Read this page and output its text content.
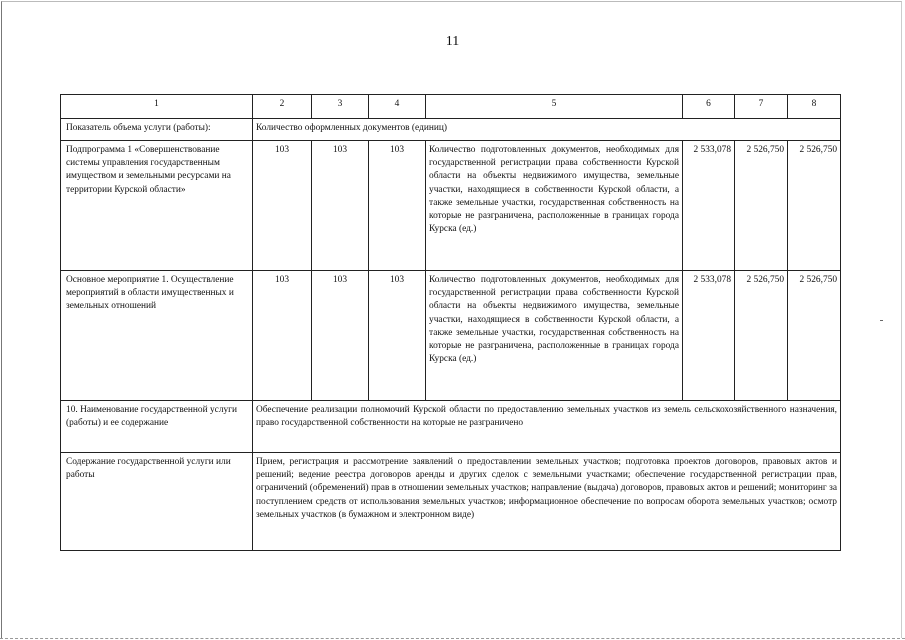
11
1	2	3	4	5	6	7	8
Показатель объема услуги (работы):	Количество оформленных документов (единиц)						
Подпрограмма 1 «Совершенствование системы управления государственным имуществом и земельными ресурсами на территории Курской области»	103	103	103	Количество подготовленных документов, необходимых для государственной регистрации права собственности Курской области на объекты недвижимого имущества, земельные участки, находящиеся в собственности Курской области, а также земельные участки, государственная собственность на которые не разграничена, расположенные в границах города Курска (ед.)	2 533,078	2 526,750	2 526,750
Основное мероприятие 1. Осуществление мероприятий в области имущественных и земельных отношений	103	103	103	Количество подготовленных документов, необходимых для государственной регистрации права собственности Курской области на объекты недвижимого имущества, земельные участки, находящиеся в собственности Курской области, а также земельные участки, государственная собственность на которые не разграничена, расположенные в границах города Курска (ед.)	2 533,078	2 526,750	2 526,750
10. Наименование государственной услуги (работы) и ее содержание	Обеспечение реализации полномочий Курской области по предоставлению земельных участков из земель сельскохозяйственного назначения, право государственной собственности на которые не разграничено						
Содержание государственной услуги или работы	Прием, регистрация и рассмотрение заявлений о предоставлении земельных участков; подготовка проектов договоров, правовых актов и решений; ведение реестра договоров аренды и других сделок с земельными участками; обеспечение государственной регистрации прав, ограничений (обременений) прав в отношении земельных участков; направление (выдача) договоров, правовых актов и решений; мониторинг за поступлением средств от использования земельных участков; информационное обеспечение по вопросам оборота земельных участков; осмотр земельных участков (в бумажном и электронном виде)						
